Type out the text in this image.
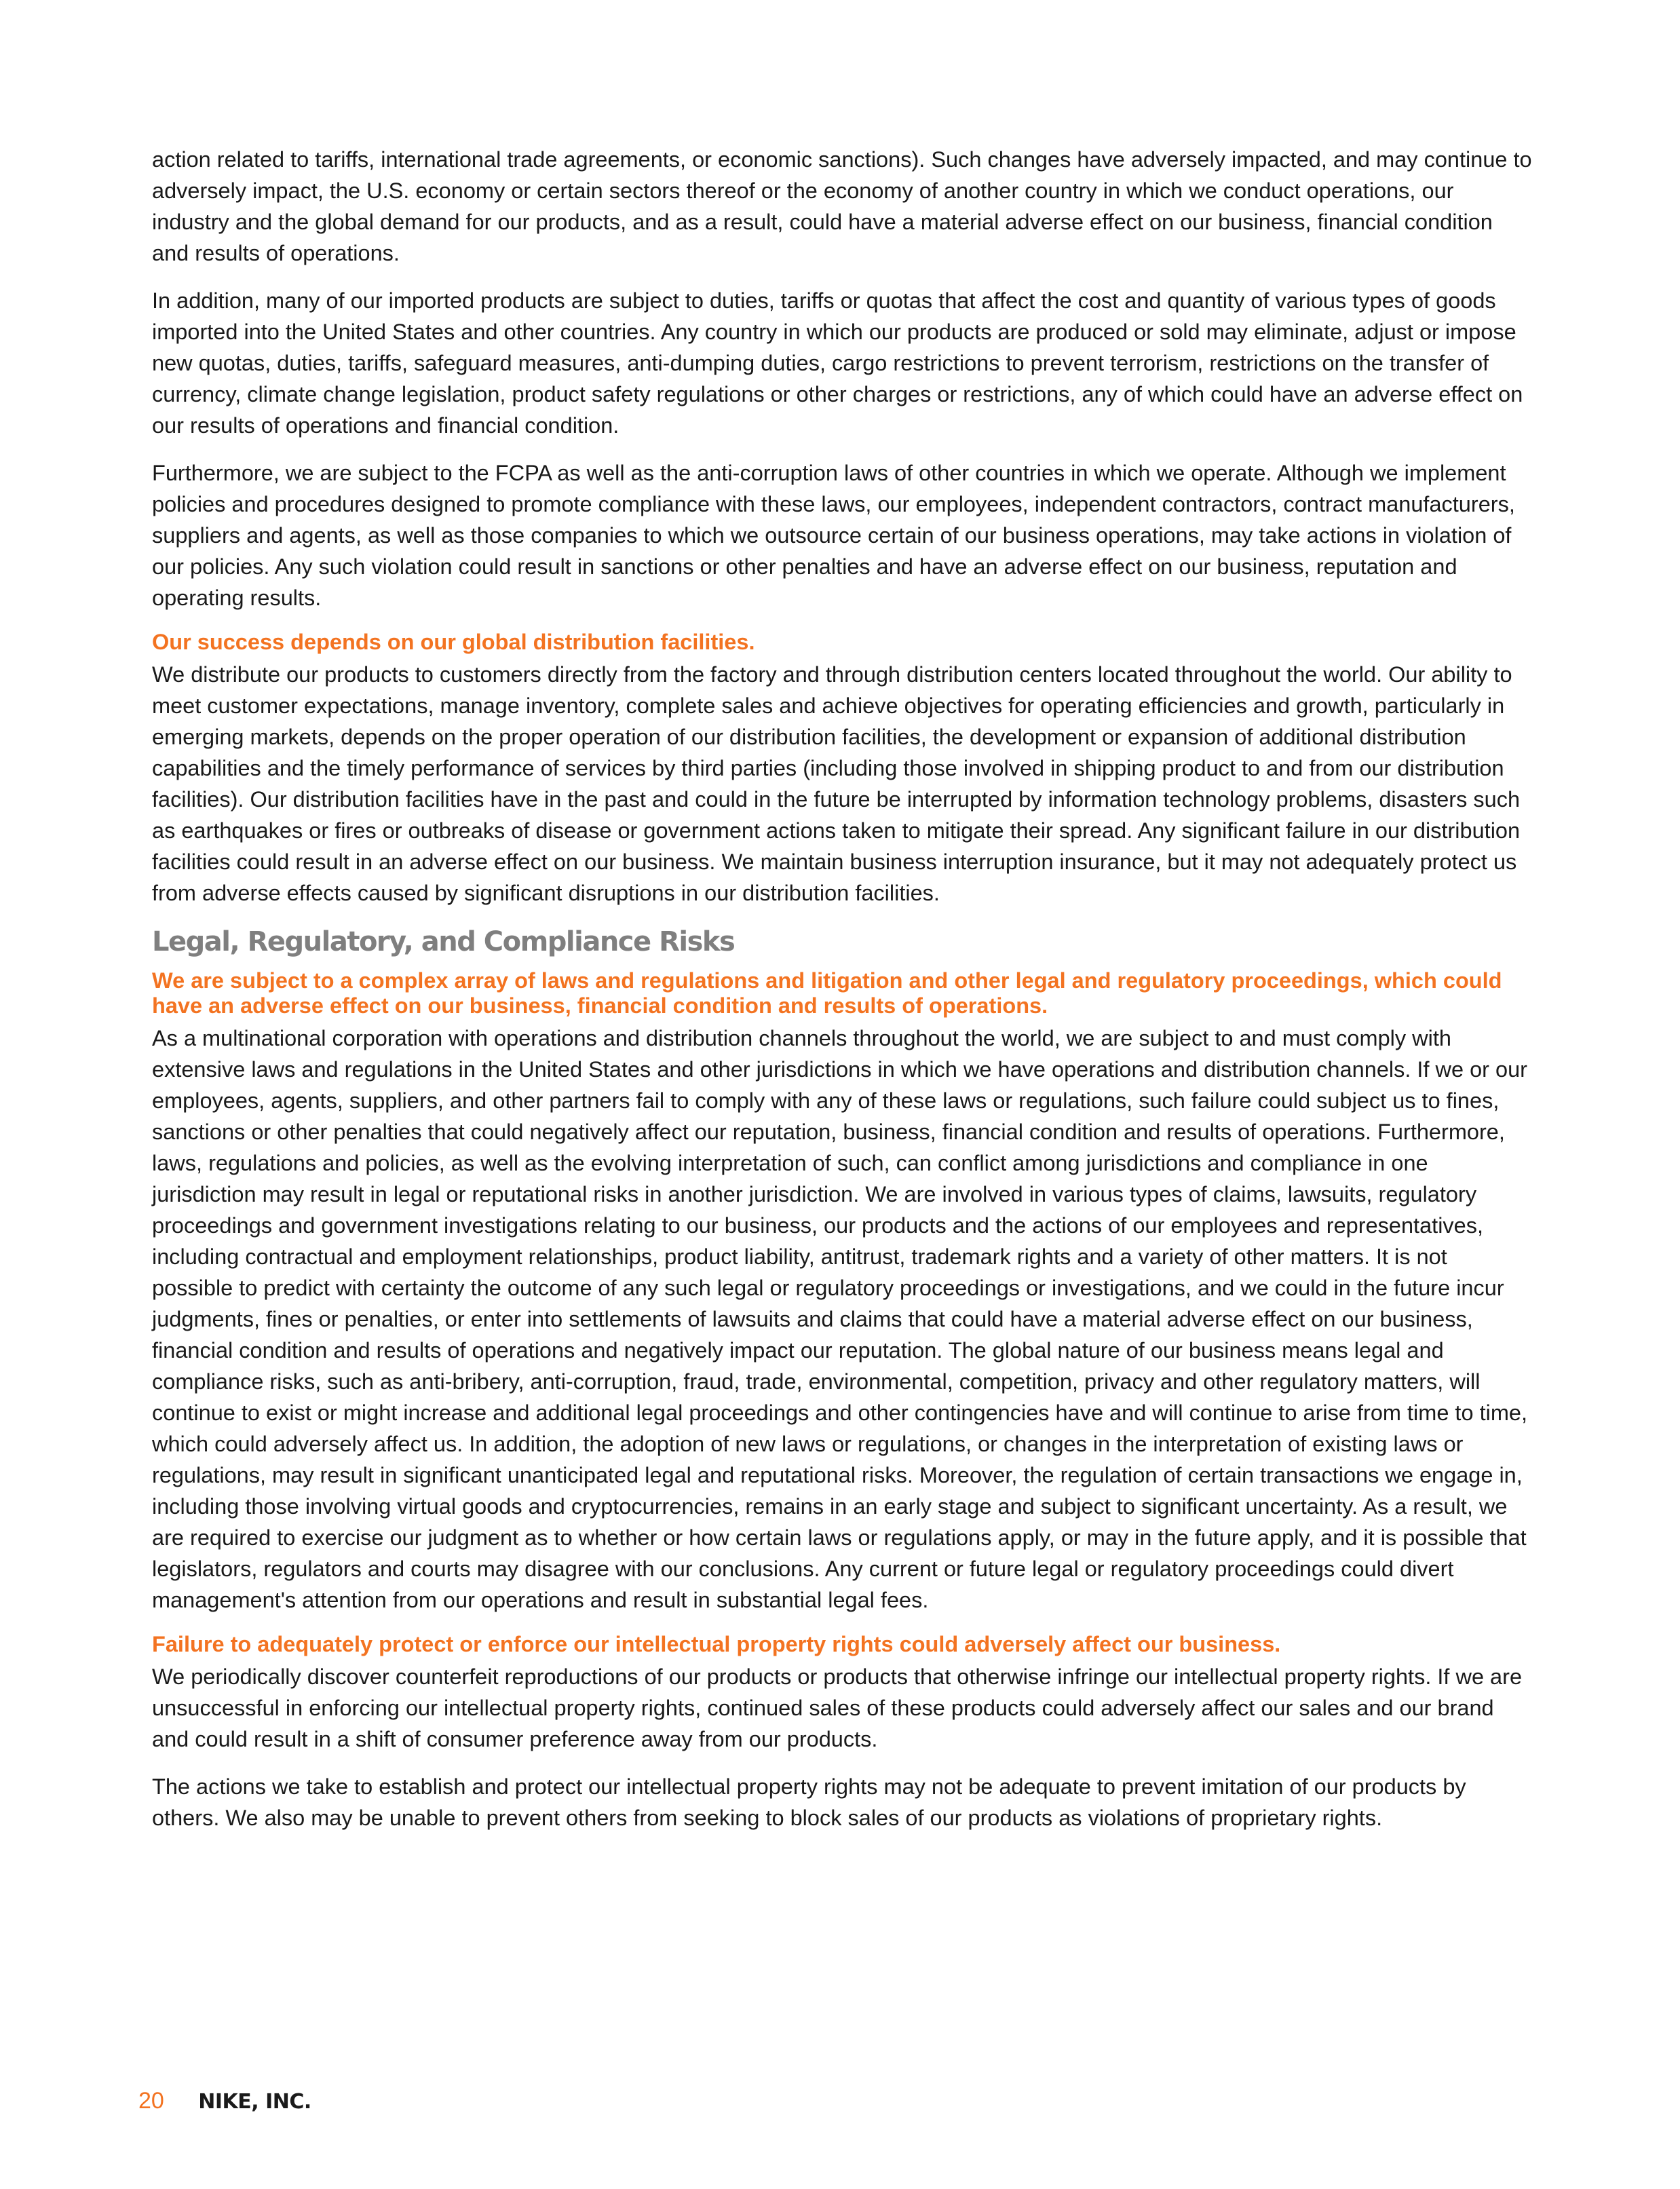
action related to tariffs, international trade agreements, or economic sanctions). Such changes have adversely impacted, and may continue to adversely impact, the U.S. economy or certain sectors thereof or the economy of another country in which we conduct operations, our industry and the global demand for our products, and as a result, could have a material adverse effect on our business, financial condition and results of operations.

In addition, many of our imported products are subject to duties, tariffs or quotas that affect the cost and quantity of various types of goods imported into the United States and other countries. Any country in which our products are produced or sold may eliminate, adjust or impose new quotas, duties, tariffs, safeguard measures, anti-dumping duties, cargo restrictions to prevent terrorism, restrictions on the transfer of currency, climate change legislation, product safety regulations or other charges or restrictions, any of which could have an adverse effect on our results of operations and financial condition.

Furthermore, we are subject to the FCPA as well as the anti-corruption laws of other countries in which we operate. Although we implement policies and procedures designed to promote compliance with these laws, our employees, independent contractors, contract manufacturers, suppliers and agents, as well as those companies to which we outsource certain of our business operations, may take actions in violation of our policies. Any such violation could result in sanctions or other penalties and have an adverse effect on our business, reputation and operating results.

Our success depends on our global distribution facilities.

We distribute our products to customers directly from the factory and through distribution centers located throughout the world. Our ability to meet customer expectations, manage inventory, complete sales and achieve objectives for operating efficiencies and growth, particularly in emerging markets, depends on the proper operation of our distribution facilities, the development or expansion of additional distribution capabilities and the timely performance of services by third parties (including those involved in shipping product to and from our distribution facilities). Our distribution facilities have in the past and could in the future be interrupted by information technology problems, disasters such as earthquakes or fires or outbreaks of disease or government actions taken to mitigate their spread. Any significant failure in our distribution facilities could result in an adverse effect on our business. We maintain business interruption insurance, but it may not adequately protect us from adverse effects caused by significant disruptions in our distribution facilities.

Legal, Regulatory, and Compliance Risks
We are subject to a complex array of laws and regulations and litigation and other legal and regulatory proceedings, which could have an adverse effect on our business, financial condition and results of operations.

As a multinational corporation with operations and distribution channels throughout the world, we are subject to and must comply with extensive laws and regulations in the United States and other jurisdictions in which we have operations and distribution channels. If we or our employees, agents, suppliers, and other partners fail to comply with any of these laws or regulations, such failure could subject us to fines, sanctions or other penalties that could negatively affect our reputation, business, financial condition and results of operations. Furthermore, laws, regulations and policies, as well as the evolving interpretation of such, can conflict among jurisdictions and compliance in one jurisdiction may result in legal or reputational risks in another jurisdiction. We are involved in various types of claims, lawsuits, regulatory proceedings and government investigations relating to our business, our products and the actions of our employees and representatives, including contractual and employment relationships, product liability, antitrust, trademark rights and a variety of other matters. It is not possible to predict with certainty the outcome of any such legal or regulatory proceedings or investigations, and we could in the future incur judgments, fines or penalties, or enter into settlements of lawsuits and claims that could have a material adverse effect on our business, financial condition and results of operations and negatively impact our reputation. The global nature of our business means legal and compliance risks, such as anti-bribery, anti-corruption, fraud, trade, environmental, competition, privacy and other regulatory matters, will continue to exist or might increase and additional legal proceedings and other contingencies have and will continue to arise from time to time, which could adversely affect us. In addition, the adoption of new laws or regulations, or changes in the interpretation of existing laws or regulations, may result in significant unanticipated legal and reputational risks. Moreover, the regulation of certain transactions we engage in, including those involving virtual goods and cryptocurrencies, remains in an early stage and subject to significant uncertainty. As a result, we are required to exercise our judgment as to whether or how certain laws or regulations apply, or may in the future apply, and it is possible that legislators, regulators and courts may disagree with our conclusions. Any current or future legal or regulatory proceedings could divert management's attention from our operations and result in substantial legal fees.

Failure to adequately protect or enforce our intellectual property rights could adversely affect our business.

We periodically discover counterfeit reproductions of our products or products that otherwise infringe our intellectual property rights. If we are unsuccessful in enforcing our intellectual property rights, continued sales of these products could adversely affect our sales and our brand and could result in a shift of consumer preference away from our products.

The actions we take to establish and protect our intellectual property rights may not be adequate to prevent imitation of our products by others. We also may be unable to prevent others from seeking to block sales of our products as violations of proprietary rights.

20 NIKE, INC.
